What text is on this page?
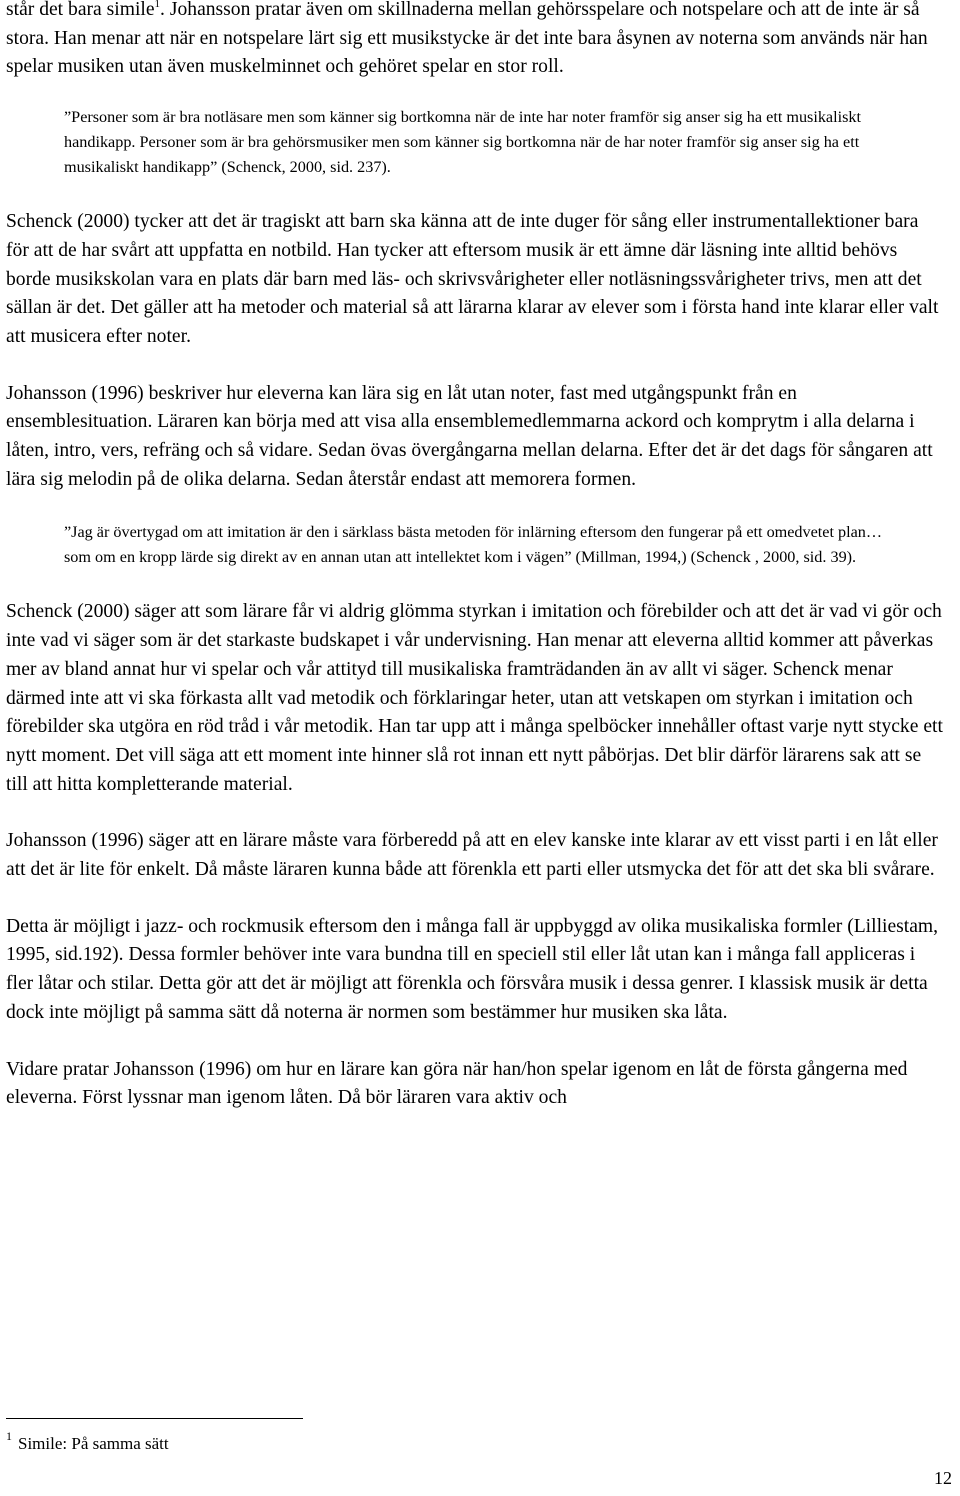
står det bara simile$^1$. Johansson pratar även om skillnaderna mellan gehörsspelare och notspelare och att de inte är så stora. Han menar att när en notspelare lärt sig ett musikstycke är det inte bara åsynen av noterna som används när han spelar musiken utan även muskelminnet och gehöret spelar en stor roll.

”Personer som är bra notläsare men som känner sig bortkomna när de inte har noter framför sig anser sig ha ett musikaliskt handikapp. Personer som är bra gehörsmusiker men som känner sig bortkomna när de har noter framför sig anser sig ha ett musikaliskt handikapp” (Schenck, 2000, sid. 237).

Schenck (2000) tycker att det är tragiskt att barn ska känna att de inte duger för sång eller instrumentallektioner bara för att de har svårt att uppfatta en notbild. Han tycker att eftersom musik är ett ämne där läsning inte alltid behövs borde musikskolan vara en plats där barn med läs- och skrivsvårigheter eller notläsningssvårigheter trivs, men att det sällan är det. Det gäller att ha metoder och material så att lärarna klarar av elever som i första hand inte klarar eller valt att musicera efter noter.

Johansson (1996) beskriver hur eleverna kan lära sig en låt utan noter, fast med utgångspunkt från en ensemblesituation. Läraren kan börja med att visa alla ensemblemedlemmarna ackord och komprytm i alla delarna i låten, intro, vers, refräng och så vidare. Sedan övas övergångarna mellan delarna. Efter det är det dags för sångaren att lära sig melodin på de olika delarna. Sedan återstår endast att memorera formen.

”Jag är övertygad om att imitation är den i särklass bästa metoden för inlärning eftersom den fungerar på ett omedvetet plan… som om en kropp lärde sig direkt av en annan utan att intellektet kom i vägen” (Millman, 1994,) (Schenck , 2000, sid. 39).

Schenck (2000) säger att som lärare får vi aldrig glömma styrkan i imitation och förebilder och att det är vad vi gör och inte vad vi säger som är det starkaste budskapet i vår undervisning. Han menar att eleverna alltid kommer att påverkas mer av bland annat hur vi spelar och vår attityd till musikaliska framträdanden än av allt vi säger. Schenck menar därmed inte att vi ska förkasta allt vad metodik och förklaringar heter, utan att vetskapen om styrkan i imitation och förebilder ska utgöra en röd tråd i vår metodik. Han tar upp att i många spelböcker innehåller oftast varje nytt stycke ett nytt moment. Det vill säga att ett moment inte hinner slå rot innan ett nytt påbörjas. Det blir därför lärarens sak att se till att hitta kompletterande material.

Johansson (1996) säger att en lärare måste vara förberedd på att en elev kanske inte klarar av ett visst parti i en låt eller att det är lite för enkelt. Då måste läraren kunna både att förenkla ett parti eller utsmycka det för att det ska bli svårare.

Detta är möjligt i jazz- och rockmusik eftersom den i många fall är uppbyggd av olika musikaliska formler (Lilliestam, 1995, sid.192). Dessa formler behöver inte vara bundna till en speciell stil eller låt utan kan i många fall appliceras i fler låtar och stilar. Detta gör att det är möjligt att förenkla och försvåra musik i dessa genrer. I klassisk musik är detta dock inte möjligt på samma sätt då noterna är normen som bestämmer hur musiken ska låta.

Vidare pratar Johansson (1996) om hur en lärare kan göra när han/hon spelar igenom en låt de första gångerna med eleverna. Först lyssnar man igenom låten. Då bör läraren vara aktiv och

$^1$ Simile: På samma sätt
12
